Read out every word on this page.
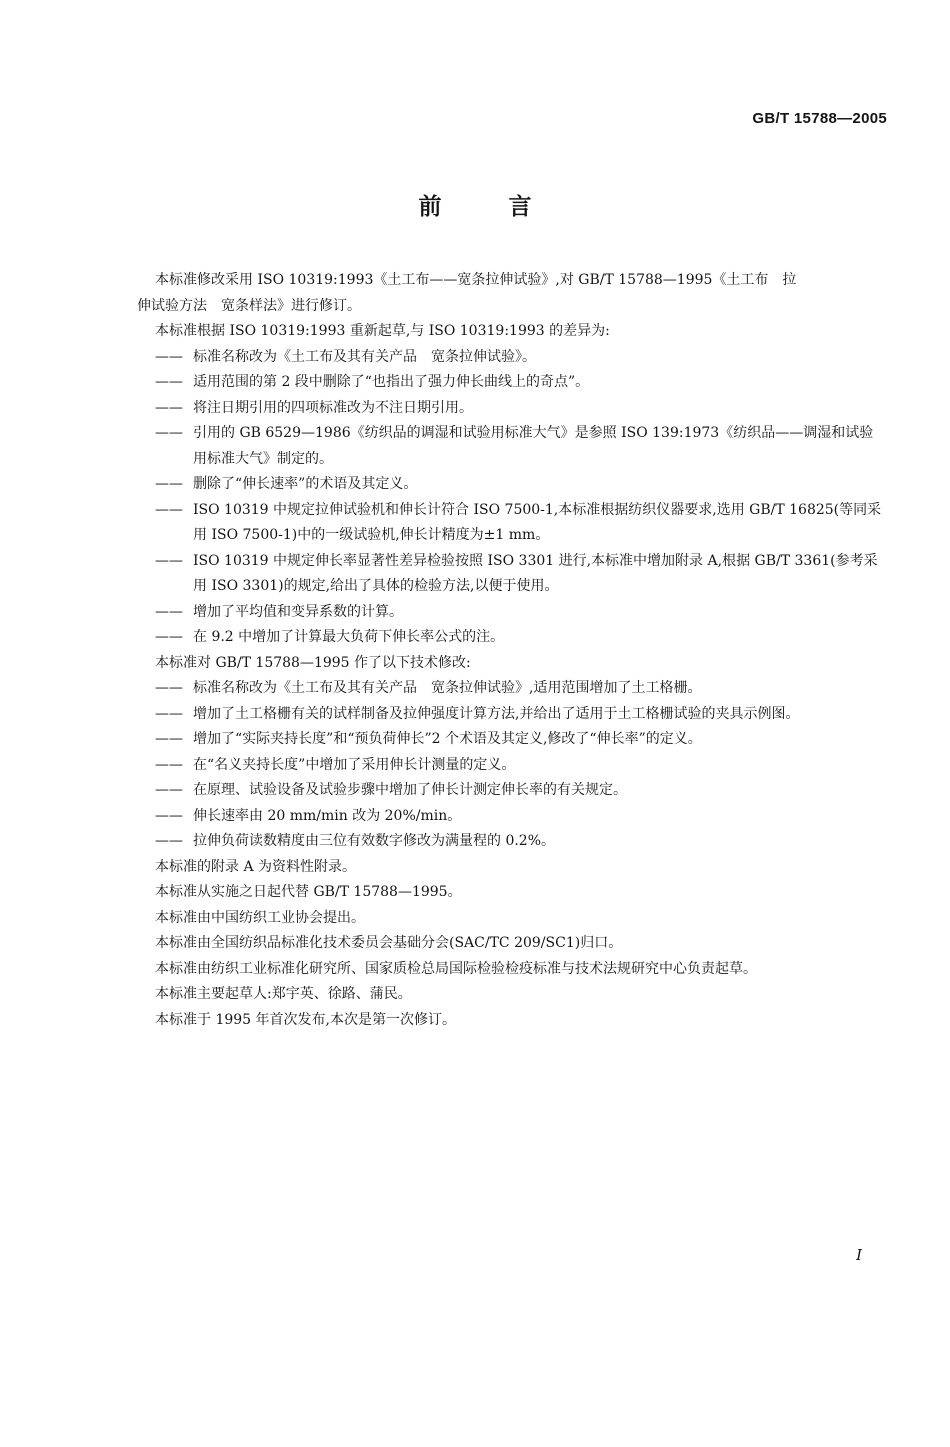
GB/T 15788—2005
前　言

本标准修改采用 ISO 10319:1993《土工布——宽条拉伸试验》,对 GB/T 15788—1995《土工布　拉
伸试验方法　宽条样法》进行修订。

本标准根据 ISO 10319:1993 重新起草,与 ISO 10319:1993 的差异为:

—— 标准名称改为《土工布及其有关产品　宽条拉伸试验》。
—— 适用范围的第 2 段中删除了“也指出了强力伸长曲线上的奇点”。
—— 将注日期引用的四项标准改为不注日期引用。
—— 引用的 GB 6529—1986《纺织品的调湿和试验用标准大气》是参照 ISO 139:1973《纺织品——调湿和试验用标准大气》制定的。
—— 删除了“伸长速率”的术语及其定义。
—— ISO 10319 中规定拉伸试验机和伸长计符合 ISO 7500-1,本标准根据纺织仪器要求,选用 GB/T 16825(等同采用 ISO 7500-1)中的一级试验机,伸长计精度为±1 mm。
—— ISO 10319 中规定伸长率显著性差异检验按照 ISO 3301 进行,本标准中增加附录 A,根据 GB/T 3361(参考采用 ISO 3301)的规定,给出了具体的检验方法,以便于使用。
—— 增加了平均值和变异系数的计算。
—— 在 9.2 中增加了计算最大负荷下伸长率公式的注。

本标准对 GB/T 15788—1995 作了以下技术修改:

—— 标准名称改为《土工布及其有关产品　宽条拉伸试验》,适用范围增加了土工格栅。
—— 增加了土工格栅有关的试样制备及拉伸强度计算方法,并给出了适用于土工格栅试验的夹具示例图。
—— 增加了“实际夹持长度”和“预负荷伸长”2 个术语及其定义,修改了“伸长率”的定义。
—— 在“名义夹持长度”中增加了采用伸长计测量的定义。
—— 在原理、试验设备及试验步骤中增加了伸长计测定伸长率的有关规定。
—— 伸长速率由 20 mm/min 改为 20%/min。
—— 拉伸负荷读数精度由三位有效数字修改为满量程的 0.2%。

本标准的附录 A 为资料性附录。

本标准从实施之日起代替 GB/T 15788—1995。

本标准由中国纺织工业协会提出。

本标准由全国纺织品标准化技术委员会基础分会(SAC/TC 209/SC1)归口。

本标准由纺织工业标准化研究所、国家质检总局国际检验检疫标准与技术法规研究中心负责起草。

本标准主要起草人:郑宇英、徐路、蒲民。

本标准于 1995 年首次发布,本次是第一次修订。

I
